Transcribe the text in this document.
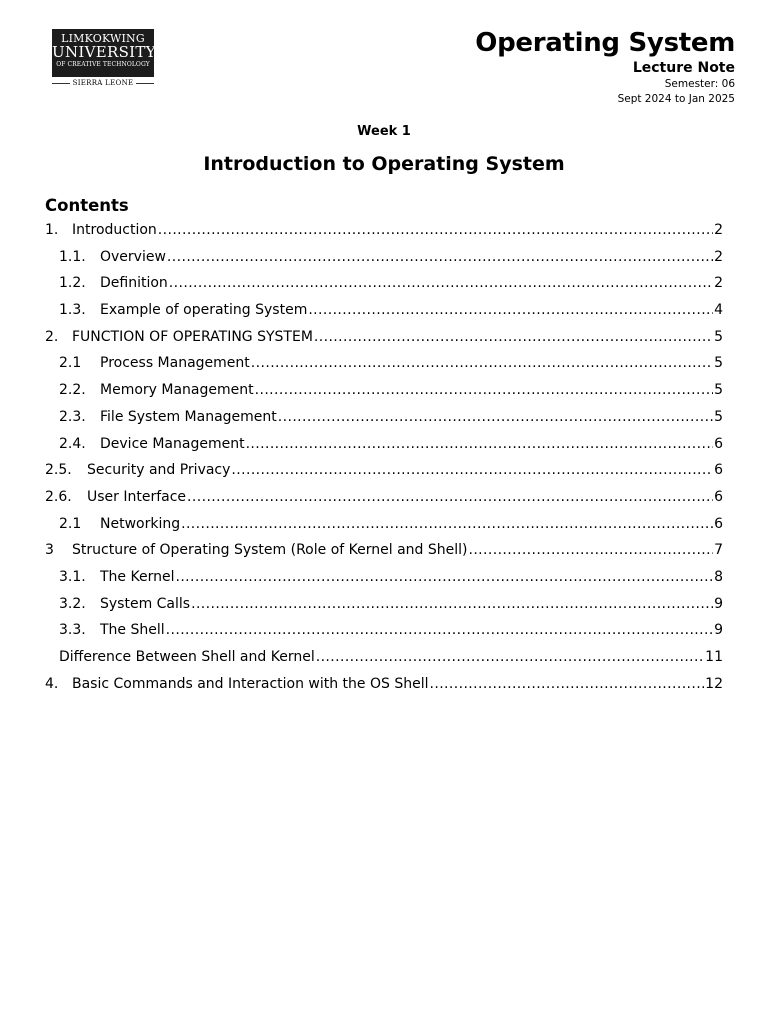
LIMKOKWING
UNIVERSITY
OF CREATIVE TECHNOLOGY
SIERRA LEONE
Operating System
Lecture Note
Semester: 06
Sept 2024 to Jan 2025
Week 1
Introduction to Operating System
Contents
1. Introduction .....	2
1.1.	Overview .....	2
1.2.	Definition .....	2
1.3.	Example of operating System .....	4
2. FUNCTION OF OPERATING SYSTEM .....	5
2.1	Process Management .....	5
2.2.	Memory Management .....	5
2.3.	File System Management .....	5
2.4.	Device Management .....	6
2.5.	Security and Privacy .....	6
2.6.	User Interface .....	6
2.1	Networking .....	6
3	Structure of Operating System (Role of Kernel and Shell) .....	7
3.1.	The Kernel .....	8
3.2.	System Calls .....	9
3.3.	The Shell .....	9
Difference Between Shell and Kernel .....	11
4. Basic Commands and Interaction with the OS Shell .....	12
